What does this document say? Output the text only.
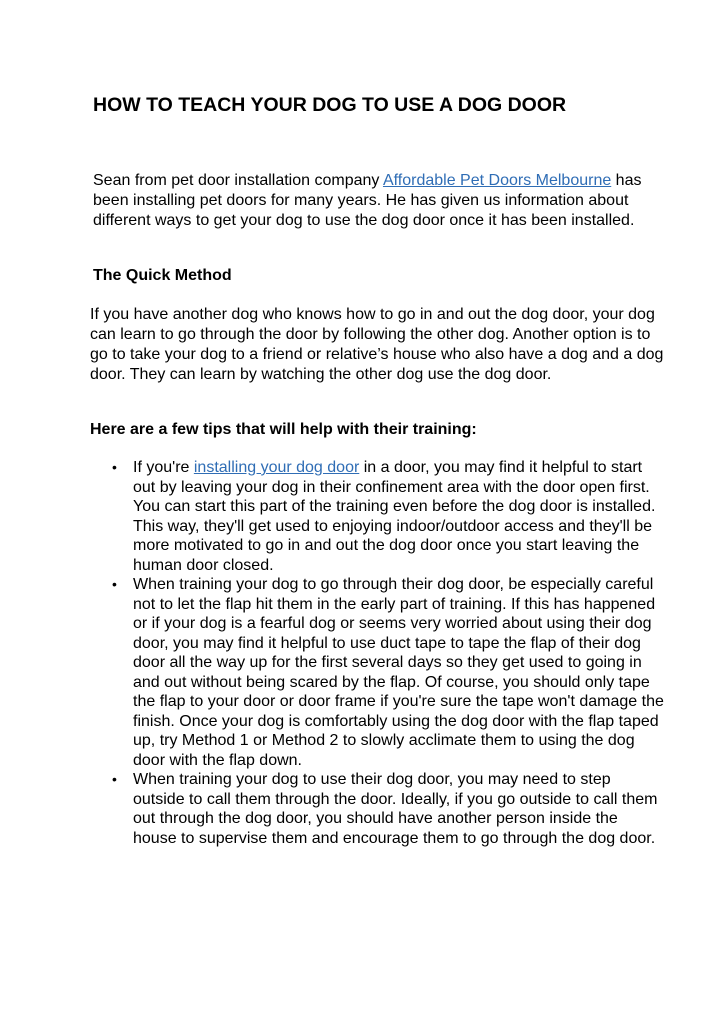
HOW TO TEACH YOUR DOG TO USE A DOG DOOR

Sean from pet door installation company Affordable Pet Doors Melbourne has been installing pet doors for many years. He has given us information about different ways to get your dog to use the dog door once it has been installed.

The Quick Method

If you have another dog who knows how to go in and out the dog door, your dog can learn to go through the door by following the other dog. Another option is to go to take your dog to a friend or relative’s house who also have a dog and a dog door. They can learn by watching the other dog use the dog door.

Here are a few tips that will help with their training:
• If you're installing your dog door in a door, you may find it helpful to start out by leaving your dog in their confinement area with the door open first. You can start this part of the training even before the dog door is installed. This way, they'll get used to enjoying indoor/outdoor access and they'll be more motivated to go in and out the dog door once you start leaving the human door closed.
• When training your dog to go through their dog door, be especially careful not to let the flap hit them in the early part of training. If this has happened or if your dog is a fearful dog or seems very worried about using their dog door, you may find it helpful to use duct tape to tape the flap of their dog door all the way up for the first several days so they get used to going in and out without being scared by the flap. Of course, you should only tape the flap to your door or door frame if you're sure the tape won't damage the finish. Once your dog is comfortably using the dog door with the flap taped up, try Method 1 or Method 2 to slowly acclimate them to using the dog door with the flap down.
• When training your dog to use their dog door, you may need to step outside to call them through the door. Ideally, if you go outside to call them out through the dog door, you should have another person inside the house to supervise them and encourage them to go through the dog door.
